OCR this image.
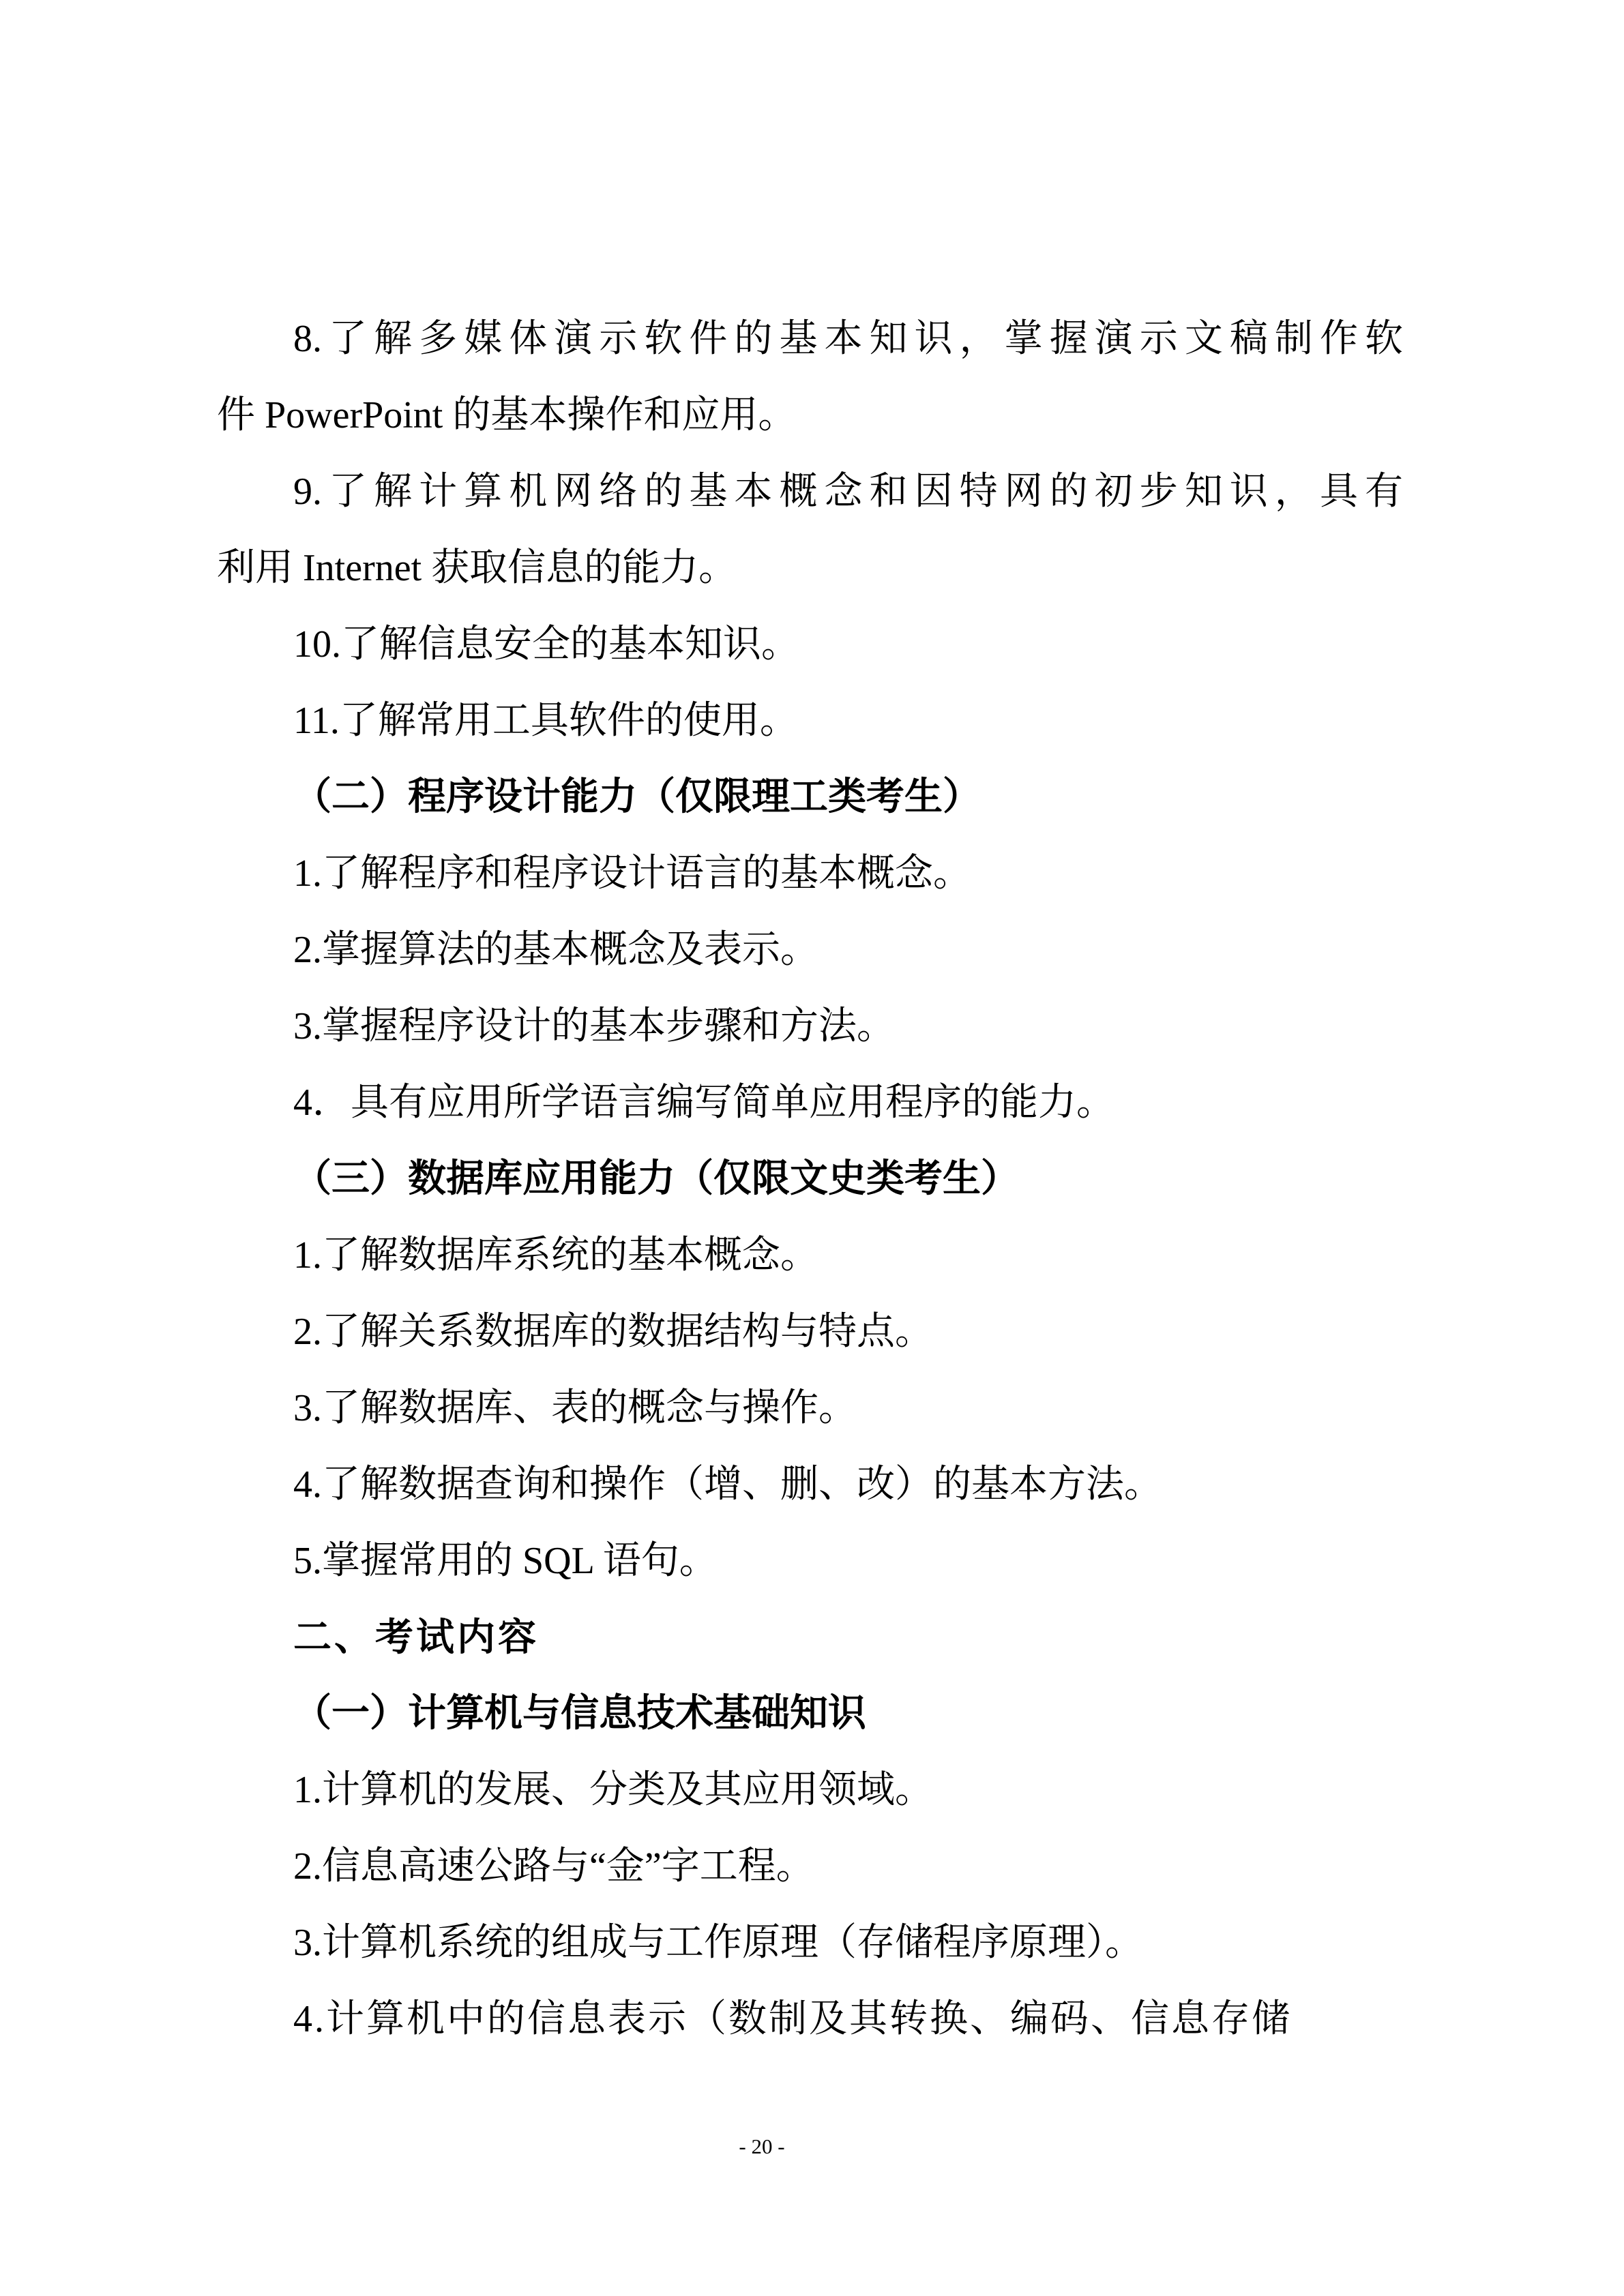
8.了解多媒体演示软件的基本知识，掌握演示文稿制作软
件 PowerPoint 的基本操作和应用。
9.了解计算机网络的基本概念和因特网的初步知识，具有
利用 Internet 获取信息的能力。
10.了解信息安全的基本知识。
11.了解常用工具软件的使用。
（二）程序设计能力（仅限理工类考生）
1.了解程序和程序设计语言的基本概念。
2.掌握算法的基本概念及表示。
3.掌握程序设计的基本步骤和方法。
4．具有应用所学语言编写简单应用程序的能力。
（三）数据库应用能力（仅限文史类考生）
1.了解数据库系统的基本概念。
2.了解关系数据库的数据结构与特点。
3.了解数据库、表的概念与操作。
4.了解数据查询和操作（增、删、改）的基本方法。
5.掌握常用的 SQL 语句。
二、考试内容
（一）计算机与信息技术基础知识
1.计算机的发展、分类及其应用领域。
2.信息高速公路与“金”字工程。
3.计算机系统的组成与工作原理（存储程序原理）。
4.计算机中的信息表示（数制及其转换、编码、信息存储
- 20 -
